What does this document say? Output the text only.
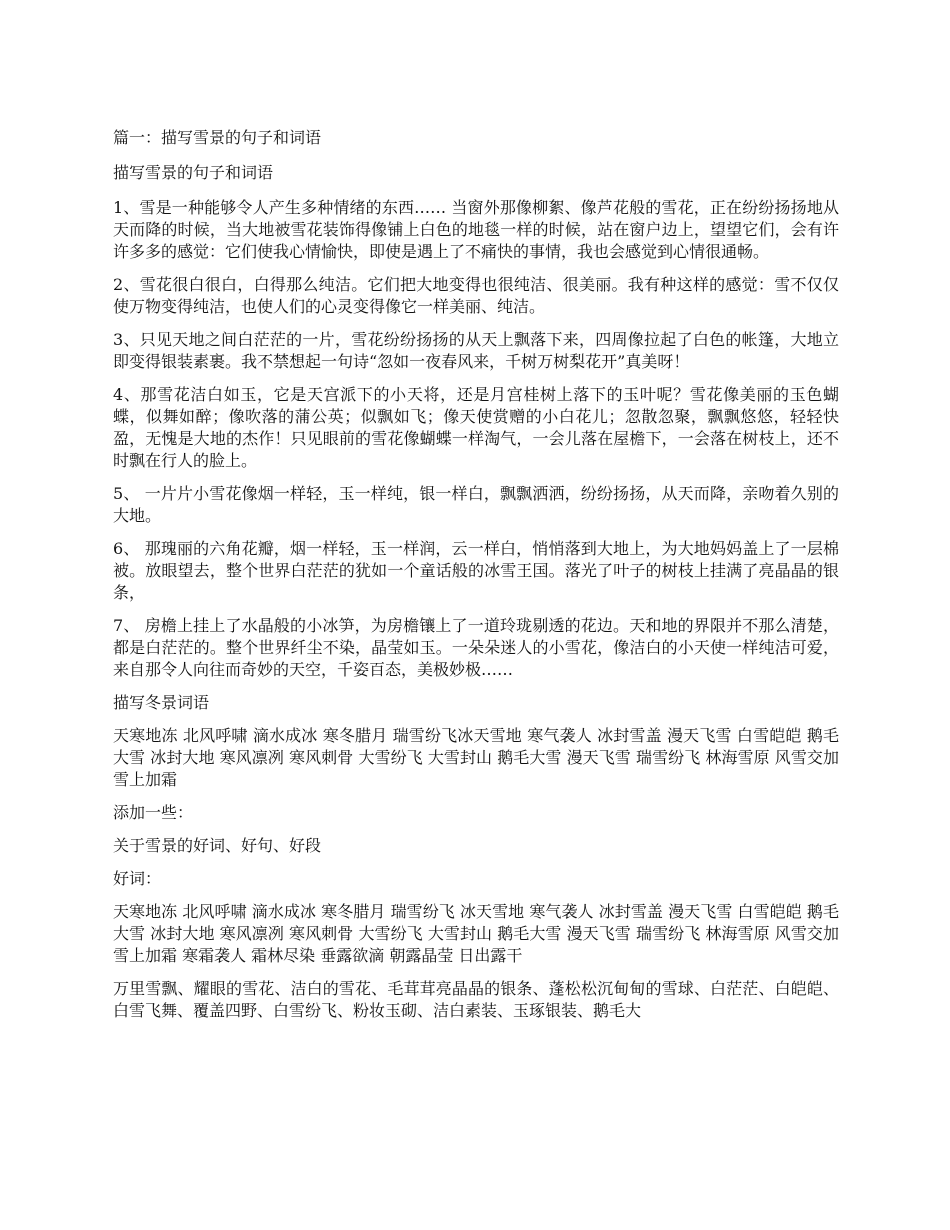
篇一：描写雪景的句子和词语

描写雪景的句子和词语

1、雪是一种能够令人产生多种情绪的东西…… 当窗外那像柳絮、像芦花般的雪花，正在纷纷扬扬地从天而降的时候，当大地被雪花装饰得像铺上白色的地毯一样的时候，站在窗户边上，望望它们，会有许许多多的感觉：它们使我心情愉快，即使是遇上了不痛快的事情，我也会感觉到心情很通畅。

2、雪花很白很白，白得那么纯洁。它们把大地变得也很纯洁、很美丽。我有种这样的感觉：雪不仅仅使万物变得纯洁，也使人们的心灵变得像它一样美丽、纯洁。

3、只见天地之间白茫茫的一片，雪花纷纷扬扬的从天上飘落下来，四周像拉起了白色的帐篷，大地立即变得银装素裹。我不禁想起一句诗“忽如一夜春风来，千树万树梨花开”真美呀！

4、那雪花洁白如玉，它是天宫派下的小天将，还是月宫桂树上落下的玉叶呢？雪花像美丽的玉色蝴蝶，似舞如醉；像吹落的蒲公英；似飘如飞；像天使赏赠的小白花儿；忽散忽聚，飘飘悠悠，轻轻快盈，无愧是大地的杰作！只见眼前的雪花像蝴蝶一样淘气，一会儿落在屋檐下，一会落在树枝上，还不时飘在行人的脸上。

5、 一片片小雪花像烟一样轻，玉一样纯，银一样白，飘飘洒洒，纷纷扬扬，从天而降，亲吻着久别的大地。

6、 那瑰丽的六角花瓣，烟一样轻，玉一样润，云一样白，悄悄落到大地上，为大地妈妈盖上了一层棉被。放眼望去，整个世界白茫茫的犹如一个童话般的冰雪王国。落光了叶子的树枝上挂满了亮晶晶的银条，

7、 房檐上挂上了水晶般的小冰笋，为房檐镶上了一道玲珑剔透的花边。天和地的界限并不那么清楚，都是白茫茫的。整个世界纤尘不染，晶莹如玉。一朵朵迷人的小雪花，像洁白的小天使一样纯洁可爱，来自那令人向往而奇妙的天空，千姿百态，美极妙极……

描写冬景词语

天寒地冻 北风呼啸 滴水成冰 寒冬腊月 瑞雪纷飞冰天雪地 寒气袭人 冰封雪盖 漫天飞雪 白雪皑皑 鹅毛大雪 冰封大地 寒风凛冽 寒风刺骨 大雪纷飞 大雪封山 鹅毛大雪 漫天飞雪 瑞雪纷飞 林海雪原 风雪交加雪上加霜

添加一些：

关于雪景的好词、好句、好段

好词：

天寒地冻 北风呼啸 滴水成冰 寒冬腊月 瑞雪纷飞 冰天雪地 寒气袭人 冰封雪盖 漫天飞雪 白雪皑皑 鹅毛大雪 冰封大地 寒风凛冽 寒风刺骨 大雪纷飞 大雪封山 鹅毛大雪 漫天飞雪 瑞雪纷飞 林海雪原 风雪交加 雪上加霜 寒霜袭人 霜林尽染 垂露欲滴 朝露晶莹 日出露干

万里雪飘、耀眼的雪花、洁白的雪花、毛茸茸亮晶晶的银条、蓬松松沉甸甸的雪球、白茫茫、白皑皑、白雪飞舞、覆盖四野、白雪纷飞、粉妆玉砌、洁白素装、玉琢银装、鹅毛大
